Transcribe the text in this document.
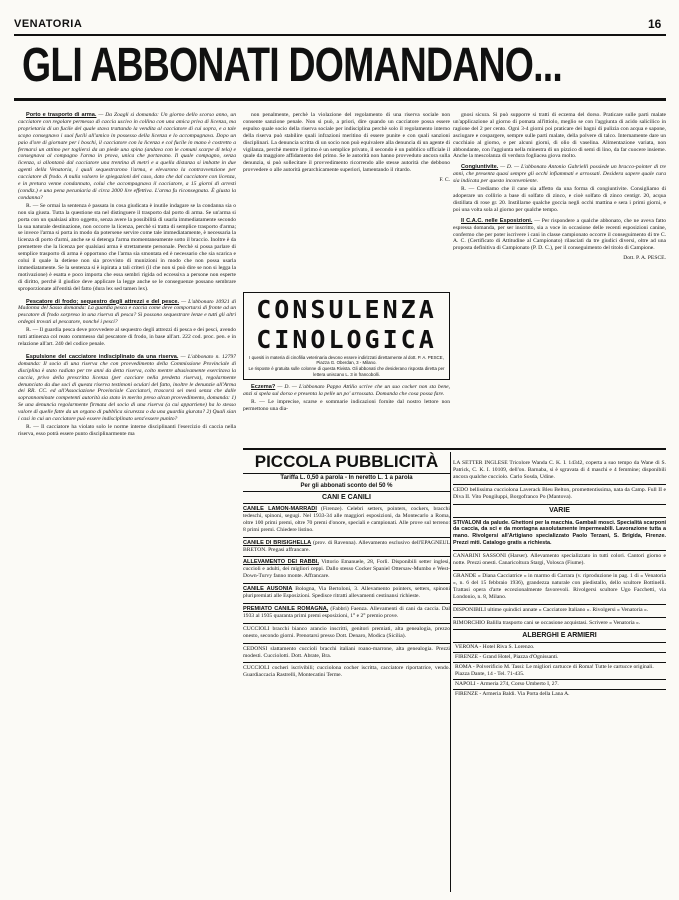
VENATORIA	16
GLI ABBONATI DOMANDANO...

Porto e trasporto di arma. — Da Zoagli si domanda: Un giorno dello scorso anno, un cacciatore con regolare permesso di caccia uscivo in collina con una amica priva di licenza, ma proprietaria di un fucile del quale stava trattando la vendita al cacciatore di cui sopra, e a tale scopo consegnavo i suoi fucili all'amico in possesso della licenza e lo accompagnava. Dopo un paio d'ore di giornate per i boschi, il cacciatore con la licenza e col fucile in mano è costretto a fermarsi un attimo per togliersi da un piede una spina (andava con le comuni scarpe di tela) e consegnava al compagno l'arma in prova, unica che portavano. Il quale compagno, senza licenza, si allontanò dal cacciatore una trentina di metri e a quella distanza si imbatte in due agenti della Venatoria, i quali sequestrarono l'arma, e elevarono la contravvenzione per cacciatore di frodo. A nulla valsero le spiegazioni del caso, dato che dal cacciatore con licenza, e in pretura venne condannato, colui che accompagnava il cacciatore, a 15 giorni di arresti (condiz.) e una pena pecuniaria di circa 2000 lire effettiva. L'arma fu riconsegnata. È giusta la condanna?

R. — Se ormai la sentenza è passata in cosa giudicata è inutile indagare se la condanna sia o non sia giusta. Tutta la questione sta nel distinguere il trasporto dal porto di arma. Se un'arma si porta con un qualsiasi altro oggetto, senza avere la possibilità di usarla immediatamente secondo la sua naturale destinazione, non occorre la licenza, perchè si tratta di semplice trasporto d'arma; se invece l'arma si porta in modo da potersene servire come tale immediatamente, è necessaria la licenza di porto d'armi, anche se si detenga l'arma momentaneamente sotto il braccio. Inoltre è da premettere che la licenza per qualsiasi arma è strettamente personale. Perchè si possa parlare di semplice trasporto di arma è opportuno che l'arma sia smontata ed è necessario che sia scarica e colui il quale la detiene non sia provvisto di munizioni in modo che non possa usarla immediatamente. Se la sentenza si è ispirata a tali criteri (il che non si può dire se non si legga la motivazione) è esatta e poco importa che essa sembri rigida od eccessiva a persone non esperte di diritto, perchè il giudice deve applicare la legge anche se le conseguenze possano sembrare sproporzionate all'entità del fatto (dura lex sed tamen lex).

Pescatore di frodo; sequestro degli attrezzi e del pesce. — L'abbonato 10921 di Madonna del Sasso domanda: La guardia pesca e caccia come deve comportarsi di fronte ad un pescatore di frodo sorpreso in una riserva di pesca? Si possono sequestrare lenze e tutti gli altri ordegni trovati al pescatore, nonché i pesci?

R. — Il guardia pesca deve provvedere al sequestro degli attrezzi di pesca e dei pesci, avendo tutti attinenza col reato commesso dal pescatore di frodo, in base all'art. 222 cod. proc. pen. e in relazione all'art. 240 del codice penale.

Espulsione del cacciatore indisciplinato da una riserva. — L'abbonato n. 12797 domanda: Il socio di una riserva che con provvedimento della Commissione Provinciale di disciplina è stato radiato per tre anni da detta riserva, colto mentre abusivamente esercitava la caccia, privo della prescritta licenza (per cacciare nella predetta riserva), regolarmente denunciato da due soci di questa riserva testimoni oculari del fatto, inoltre le denunzie all'Arma dei RR. CC. ed all'Associazione Provinciale Cacciatori, trascorsi sei mesi senza che dalle soprannominate competenti autorità sia stato in merito preso alcun provvedimento, domanda: 1) Se una denuncia regolarmente firmata del socio di una riserva (a cui appartiene) ha lo stesso valore di quelle fatte da un organo di pubblica sicurezza o da una guardia giurata? 2) Quali sian i casi in cui un cacciatore può essere indisciplinato senz'essere punito?

R. — Il cacciatore ha violato solo le norme interne disciplinanti l'esercizio di caccia nella riserva, esso potrà essere punto disciplinarmente ma

non penalmente, perchè la violazione del regolamento di una riserva sociale non consente sanzione penale. Non si può, a priori, dire quando un cacciatore possa essere espulso quale socio della riserva sociale per indisciplina perchè solo il regolamento interno della riserva può stabilire quali infrazioni meritino di essere punite e con quali sanzioni disciplinari. La denuncia scritta di un socio non può equivalere alla denuncia di un agente di vigilanza, perchè mentre il primo è un semplice privato, il secondo è un pubblico ufficiale il quale da maggiore affidamento del primo. Se le autorità non hanno provveduto ancora sulla denunzia, si può sollecitare il provvedimento ricorrendo alle stesse autorità che debbono provvedere o alle autorità gerarchicamente superiori, lamentando il ritardo.

F. C.
CONSULENZA
CINOLOGICA
I quesiti in materia di cinofilia veterinaria devono essere indirizzati direttamente al dott. P. A. PESCE, Piazza G. Oberdan, 3 - Milano.
Le risposte è gratuita sulle colonne di questa Rivista. Gli abbonati che desiderano risposta diretta per lettera uniscano L. 3 in francobolli.

Eczema? — D. — L'abbonato Pappo Attilio scrive che un suo cocker non sta bene, anzi si spela sul dorso e presenta la pelle un po' arrossata. Domanda che cosa possa fare.

R. — Le imprecise, scarse e sommarie indicazioni fornite dal nostro lettore non permettono una dia-

gnosi sicura. Si può supporre si tratti di eczema del dorso. Praticare sulle parti malate un'applicazione al giorno di pomata all'ittiolo, meglio se con l'aggiunta di acido salicilico in ragione del 2 per cento. Ogni 3-4 giorni poi praticare dei bagni di pulizia con acqua e sapone, asciugare e cospargere, sempre sulle parti malate, della polvere di talco. Internamente dare un cucchiaio al giorno, e per alcuni giorni, di olio di vaselina. Alimentazione variata, non abbondante, con l'aggiunta nella minestra di un pizzico di semi di lino, da far cuocere insieme. Anche la mescolanza di verdura fogliacea giova molto.

Congiuntivite. — D. — L'abbonato Antonio Gabrielli possiede un bracco-pointer di tre anni, che presenta quasi sempre gli occhi infiammati e arrossati. Desidera sapere quale cura sia indicata per questo inconveniente.

R. — Crediamo che il cane sia affetto da una forma di congiuntivite. Consigliamo di adoperare un collirio a base di solfato di zinco, e cioè solfato di zinco centigr. 20, acqua distillata di rose gr. 20. Instillarne qualche goccia negli occhi mattina e sera i primi giorni, e poi una volta sola al giorno per qualche tempo.

Il C.A.C. nelle Esposizioni. — Per rispondere a qualche abbonato, che ne aveva fatto espressa domanda, per ser inscritto, sia a voce in occasione delle recenti esposizioni canine, confermo che per poter iscrivere i cani in classe campionato occorre il conseguimento di tre C. A. C. (Certificato di Attitudine al Campionato) rilasciati da tre giudici diversi, oltre ad una proposta definitiva di Campionato (P. D. C.), per il conseguimento del titolo di Campione.

Dott. P. A. PESCE.
PICCOLA PUBBLICITÀ
Tariffa L. 0,50 a parola - In neretto L. 1 a parola
Per gli abbonati sconto del 50 %
CANI E CANILI
CANILE LAMON-MARRADI (Firenze). Celebri setters, pointers, cockers, bracchi tedeschi, spinoni, segugi. Nel 1933-34 alle maggiori esposizioni, da Montecarlo a Roma, oltre 100 primi premi, oltre 70 premi d'onore, speciali e campionati. Alle prove sul terreno: 8 primi premi. Chiedere listino.
CANILE DI BRISIGHELLA (prov. di Ravenna). Allevamento esclusivo dell'EPAGNEUL BRETON. Pregasi affrancare.
ALLEVAMENTO DEI RABBI, Vittorio Emanuele, 28, Forlì. Disponibili setter inglesi, cuccioli e adulti, dei migliori ceppi. Dallo stesso Cocker Spaniel Ottersaw-Mumbo e West-Down-Turvy fanno monte. Affrancare.
CANILE AUSONIA Bologna, Via Bertoloni, 3. Allevamento pointers, setters, spinoni pluripremiati alle Esposizioni. Spedisce ritratti allevamenti cestinansi richieste.
PREMIATO CANILE ROMAGNA, (Fabbri) Faenza. Allevamenti di cani da caccia. Dal 1933 al 1935 quaranta primi premi esposizioni, 1° e 2° premio prove.
CUCCIOLI bracchi bianco arancio inscritti, genitori premiati, alta genealogia, prezzo onesto, secondo giorni. Prenotarsi presso Dott. Denaro, Modica (Sicilia).
CEDONSI slattamento cuccioli bracchi italiani roano-marrone, alta genealogia. Prezzi modesti. Cucciolotti. Dott. Abrate, Bra.
CUCCIOLI cocheri iscrivibili; cucciolona cocher iscritta, cacciatore riportatrice, vendo. Guardiaccacia Rastrelli, Montecatini Terme.
LA SETTER INGLESE Tricolore Wanda C. K. I. 14342, coperta a suo tempo da Wane di S. Patrick, C. K. I. 10109, dell'on. Barnaba, si è sgravata di 4 maschi e 4 femmine; disponibili ancora qualche cucciolo. Carlo Sosda, Udine.
CEDO bellissima cucciolona Laverack Bleu Belton, promettentissima, nata da Camp. Full II e Diva II. Vito Pongiluppi, Borgofranco Po (Mantova).
VARIE
STIVALONI da palude. Ghettoni per la macchia. Gambali mosci. Specialità scarponi da caccia, da sci e da montagna assolutamente impermeabili. Lavorazione tutta a mano. Rivolgersi all'Artigiano specializzato Paolo Terzani, S. Brigida, Firenze. Prezzi miti. Catalogo gratis a richiesta.
CANARINI SASSONI (Harser). Allevamento specializzato in tutti colori. Cantori giorno e notte. Prezzi onesti. Canaricoltura Stargi, Volosca (Fiume).
GRANDE « Diana Cacciatrice » in marmo di Carrara (v. riproduzione in pag. 1 di « Venatoria », n. 6 del 15 febbraio 1936), grandezza naturale con piedistallo, dello scultore Bottinelli. Trattasi opera d'arte eccezionalmente favorevoli. Rivolgersi scultore Ugo Facchetti, via Londonio, n. 8, Milano.
DISPONIBILI ultime quindici annate « Cacciatore Italiano ». Rivolgersi « Venatoria ».
RIMORCHIO Balilla trasporto cani se occasione acquistasi. Scrivere « Venatoria ».
ALBERGHI E ARMIERI
VERONA - Hotel Riva S. Lorenzo.
FIRENZE - Grand Hotel, Piazza d'Ognissanti.
ROMA - Polverificio M. Tassi: Le migliori cartucce di Roma! Tutte le cartucce originali. Piazza Dante, 14 - Tel. 71-435.
NAPOLI - Armeria 274, Corso Umberto I, 27.
FIRENZE - Armeria Baldi. Via Porta della Lana A.
